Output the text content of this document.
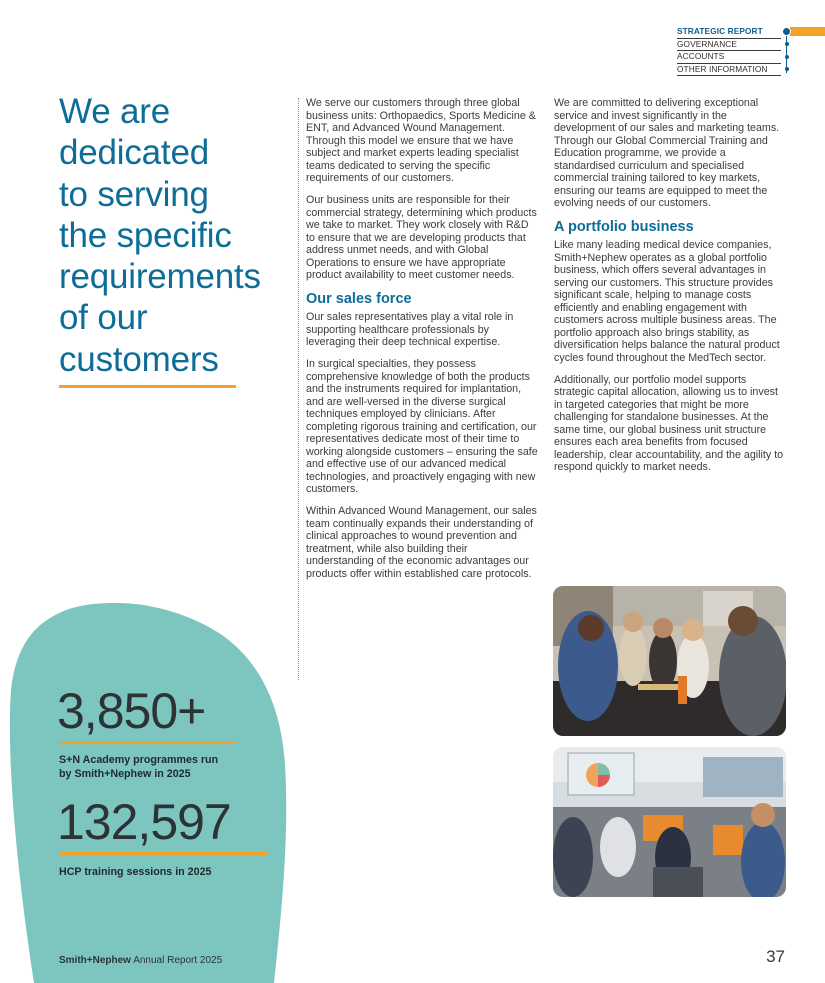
STRATEGIC REPORT
GOVERNANCE
ACCOUNTS
OTHER INFORMATION
We are
dedicated
to serving
the specific
requirements
of our
customers
3,850+
S+N Academy programmes run
by Smith+Nephew in 2025
132,597
HCP training sessions in 2025

We serve our customers through three global business units: Orthopaedics, Sports Medicine & ENT, and Advanced Wound Management. Through this model we ensure that we have subject and market experts leading specialist teams dedicated to serving the specific requirements of our customers.

Our business units are responsible for their commercial strategy, determining which products we take to market. They work closely with R&D to ensure that we are developing products that address unmet needs, and with Global Operations to ensure we have appropriate product availability to meet customer needs.

Our sales force

Our sales representatives play a vital role in supporting healthcare professionals by leveraging their deep technical expertise.

In surgical specialties, they possess comprehensive knowledge of both the products and the instruments required for implantation, and are well-versed in the diverse surgical techniques employed by clinicians. After completing rigorous training and certification, our representatives dedicate most of their time to working alongside customers – ensuring the safe and effective use of our advanced medical technologies, and proactively engaging with new customers.

Within Advanced Wound Management, our sales team continually expands their understanding of clinical approaches to wound prevention and treatment, while also building their understanding of the economic advantages our products offer within established care protocols.

We are committed to delivering exceptional service and invest significantly in the development of our sales and marketing teams. Through our Global Commercial Training and Education programme, we provide a standardised curriculum and specialised commercial training tailored to key markets, ensuring our teams are equipped to meet the evolving needs of our customers.

A portfolio business

Like many leading medical device companies, Smith+Nephew operates as a global portfolio business, which offers several advantages in serving our customers. This structure provides significant scale, helping to manage costs efficiently and enabling engagement with customers across multiple business areas. The portfolio approach also brings stability, as diversification helps balance the natural product cycles found throughout the MedTech sector.

Additionally, our portfolio model supports strategic capital allocation, allowing us to invest in targeted categories that might be more challenging for standalone businesses. At the same time, our global business unit structure ensures each area benefits from focused leadership, clear accountability, and the agility to respond quickly to market needs.

Smith+Nephew Annual Report 2025	37
